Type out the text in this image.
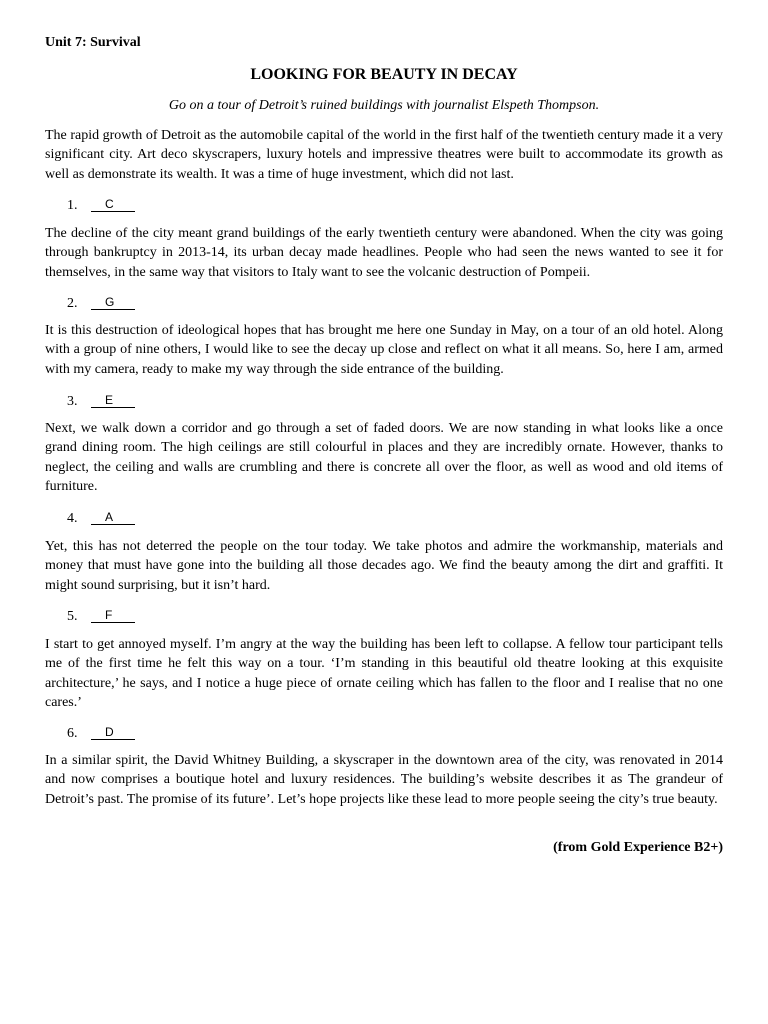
Unit 7: Survival
LOOKING FOR BEAUTY IN DECAY
Go on a tour of Detroit’s ruined buildings with journalist Elspeth Thompson.

The rapid growth of Detroit as the automobile capital of the world in the first half of the twentieth century made it a very significant city. Art deco skyscrapers, luxury hotels and impressive theatres were built to accommodate its growth as well as demonstrate its wealth. It was a time of huge investment, which did not last.

1. C

The decline of the city meant grand buildings of the early twentieth century were abandoned. When the city was going through bankruptcy in 2013-14, its urban decay made headlines. People who had seen the news wanted to see it for themselves, in the same way that visitors to Italy want to see the volcanic destruction of Pompeii.

2. G

It is this destruction of ideological hopes that has brought me here one Sunday in May, on a tour of an old hotel. Along with a group of nine others, I would like to see the decay up close and reflect on what it all means. So, here I am, armed with my camera, ready to make my way through the side entrance of the building.

3. E

Next, we walk down a corridor and go through a set of faded doors. We are now standing in what looks like a once grand dining room. The high ceilings are still colourful in places and they are incredibly ornate. However, thanks to neglect, the ceiling and walls are crumbling and there is concrete all over the floor, as well as wood and old items of furniture.

4. A

Yet, this has not deterred the people on the tour today. We take photos and admire the workmanship, materials and money that must have gone into the building all those decades ago. We find the beauty among the dirt and graffiti. It might sound surprising, but it isn’t hard.

5. F

I start to get annoyed myself. I’m angry at the way the building has been left to collapse. A fellow tour participant tells me of the first time he felt this way on a tour. ‘I’m standing in this beautiful old theatre looking at this exquisite architecture,’ he says, and I notice a huge piece of ornate ceiling which has fallen to the floor and I realise that no one cares.’

6. D

In a similar spirit, the David Whitney Building, a skyscraper in the downtown area of the city, was renovated in 2014 and now comprises a boutique hotel and luxury residences. The building’s website describes it as The grandeur of Detroit’s past. The promise of its future’. Let’s hope projects like these lead to more people seeing the city’s true beauty.

(from Gold Experience B2+)
